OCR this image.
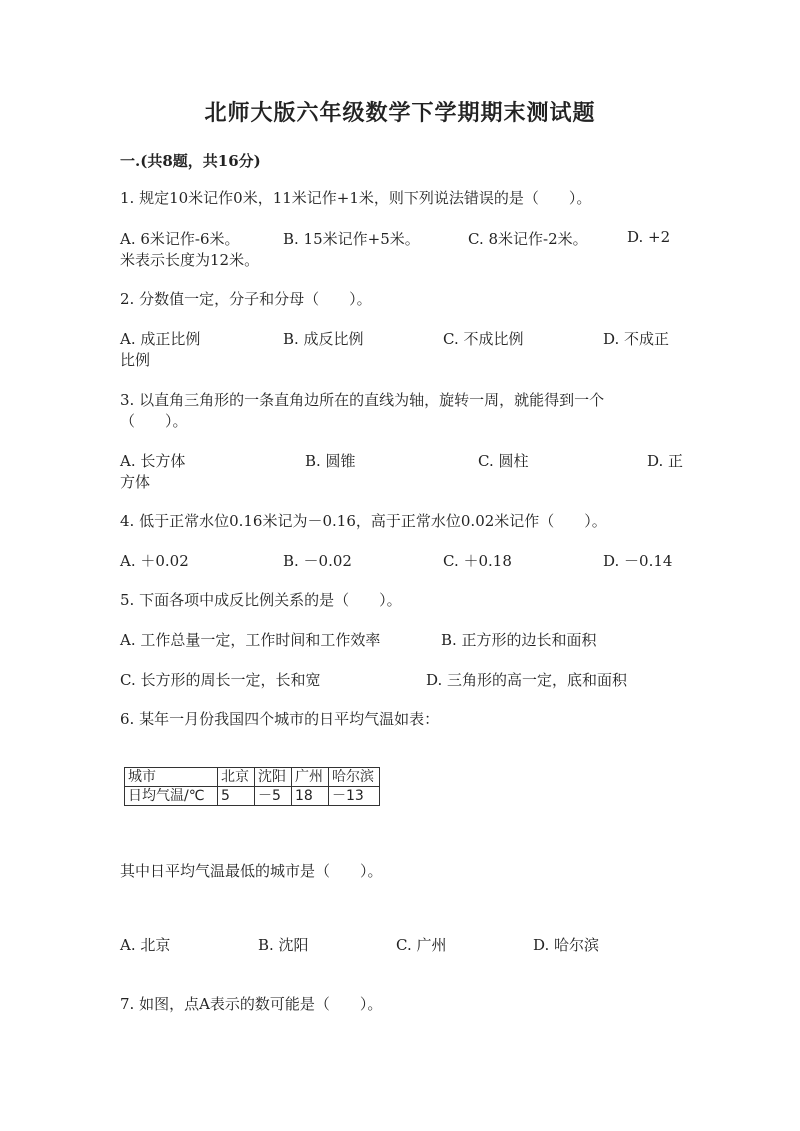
北师大版六年级数学下学期期末测试题
一.(共8题，共16分)
1. 规定10米记作0米，11米记作+1米，则下列说法错误的是（　　）。
A. 6米记作-6米。	B. 15米记作+5米。	C. 8米记作-2米。	D. +2
米表示长度为12米。
2. 分数值一定，分子和分母（　　）。
A. 成正比例	B. 成反比例	C. 不成比例	D. 不成正
比例
3. 以直角三角形的一条直角边所在的直线为轴，旋转一周，就能得到一个
（　　）。
A. 长方体	B. 圆锥	C. 圆柱	D. 正
方体
4. 低于正常水位0.16米记为－0.16，高于正常水位0.02米记作（　　）。
A. ＋0.02	B. －0.02	C. ＋0.18	D. －0.14
5. 下面各项中成反比例关系的是（　　）。
A. 工作总量一定，工作时间和工作效率	B. 正方形的边长和面积
C. 长方形的周长一定，长和宽	D. 三角形的高一定，底和面积
6. 某年一月份我国四个城市的日平均气温如表：
城市	北京	沈阳	广州	哈尔滨
日均气温/℃	5	－5	18	－13
其中日平均气温最低的城市是（　　）。
A. 北京	B. 沈阳	C. 广州	D. 哈尔滨
7. 如图，点A表示的数可能是（　　）。
